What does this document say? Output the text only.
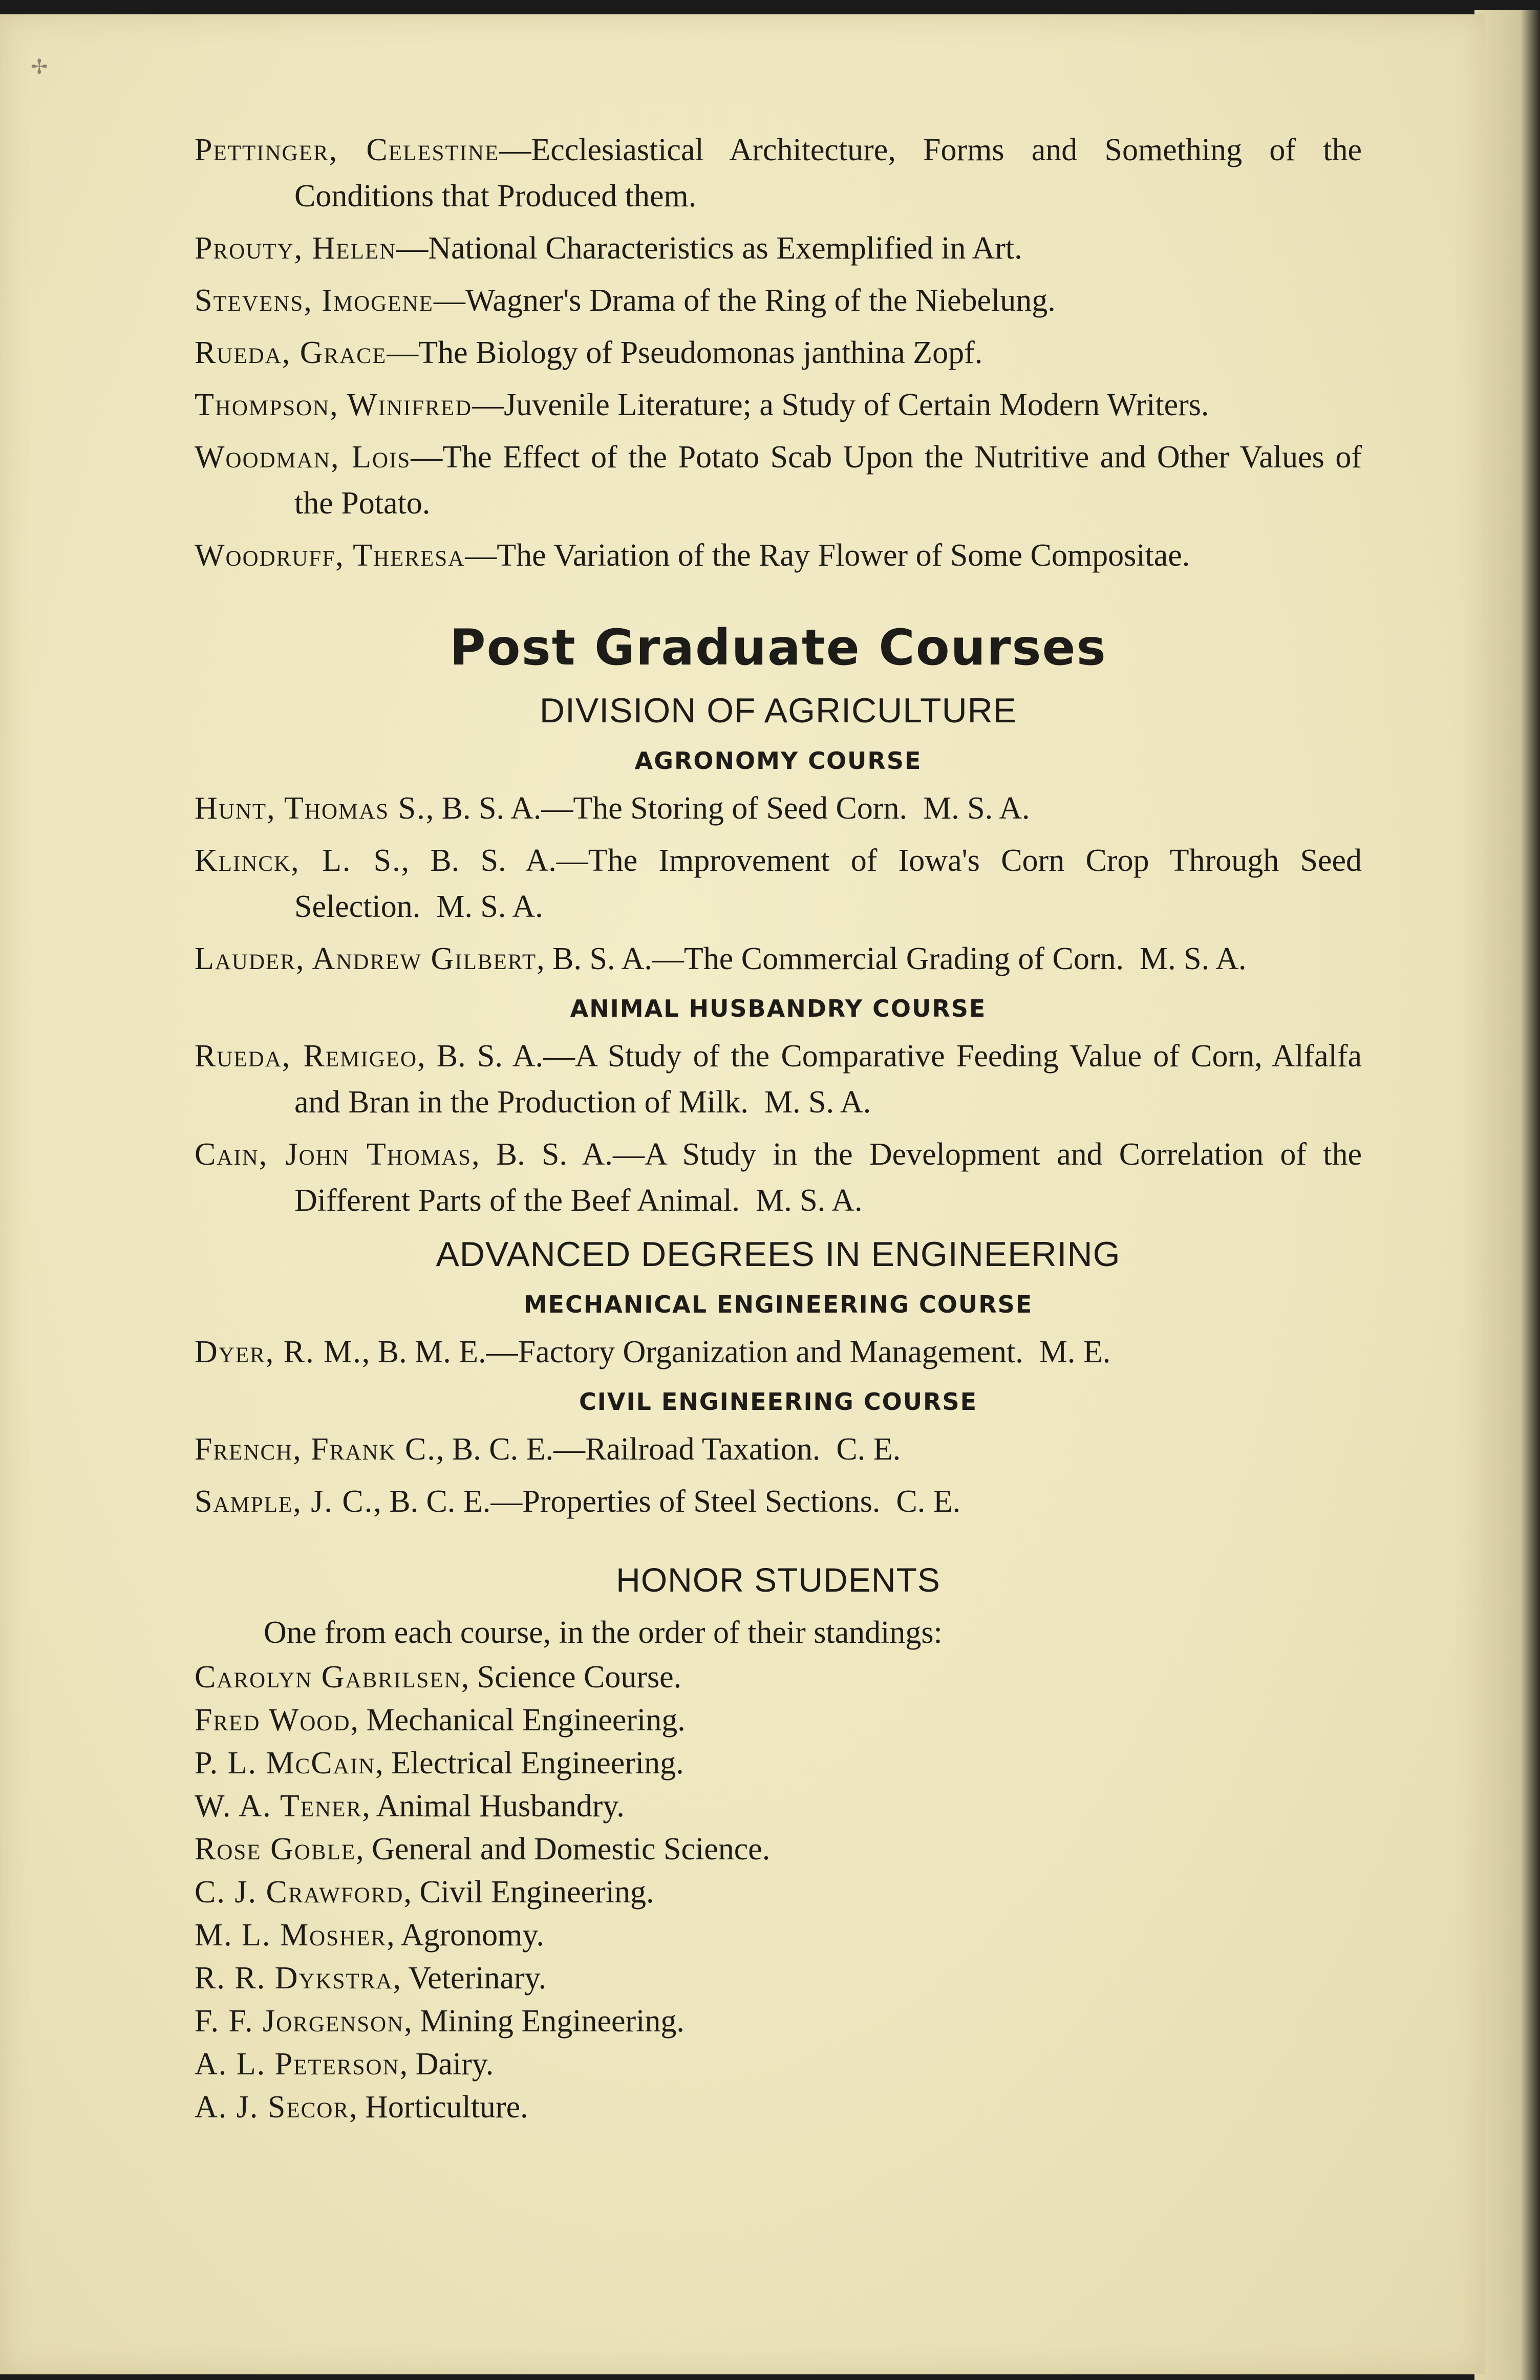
✢

Pettinger, Celestine—Ecclesiastical Architecture, Forms and Something of the Conditions that Produced them.

Prouty, Helen—National Characteristics as Exemplified in Art.

Stevens, Imogene—Wagner's Drama of the Ring of the Niebelung.

Rueda, Grace—The Biology of Pseudomonas janthina Zopf.

Thompson, Winifred—Juvenile Literature; a Study of Certain Modern Writers.

Woodman, Lois—The Effect of the Potato Scab Upon the Nutritive and Other Values of the Potato.

Woodruff, Theresa—The Variation of the Ray Flower of Some Compositae.

Post Graduate Courses
DIVISION OF AGRICULTURE
AGRONOMY COURSE

Hunt, Thomas S., B. S. A.—The Storing of Seed Corn. M. S. A.

Klinck, L. S., B. S. A.—The Improvement of Iowa's Corn Crop Through Seed Selection. M. S. A.

Lauder, Andrew Gilbert, B. S. A.—The Commercial Grading of Corn. M. S. A.

ANIMAL HUSBANDRY COURSE

Rueda, Remigeo, B. S. A.—A Study of the Comparative Feeding Value of Corn, Alfalfa and Bran in the Production of Milk. M. S. A.

Cain, John Thomas, B. S. A.—A Study in the Development and Correlation of the Different Parts of the Beef Animal. M. S. A.

ADVANCED DEGREES IN ENGINEERING
MECHANICAL ENGINEERING COURSE

Dyer, R. M., B. M. E.—Factory Organization and Management. M. E.

CIVIL ENGINEERING COURSE

French, Frank C., B. C. E.—Railroad Taxation. C. E.

Sample, J. C., B. C. E.—Properties of Steel Sections. C. E.

HONOR STUDENTS

One from each course, in the order of their standings:

Carolyn Gabrilsen, Science Course.

Fred Wood, Mechanical Engineering.

P. L. McCain, Electrical Engineering.

W. A. Tener, Animal Husbandry.

Rose Goble, General and Domestic Science.

C. J. Crawford, Civil Engineering.

M. L. Mosher, Agronomy.

R. R. Dykstra, Veterinary.

F. F. Jorgenson, Mining Engineering.

A. L. Peterson, Dairy.

A. J. Secor, Horticulture.
